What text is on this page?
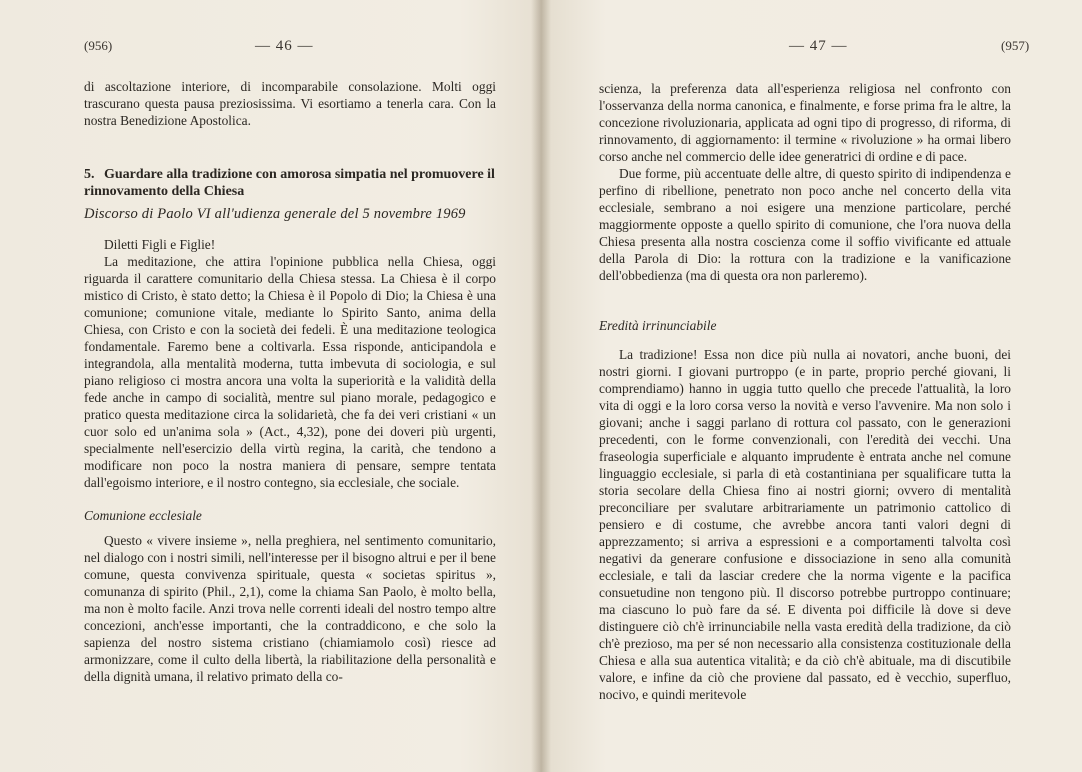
(956)	— 46 —

di ascoltazione interiore, di incomparabile consolazione. Molti oggi trascurano questa pausa preziosissima. Vi esortiamo a tenerla cara. Con la nostra Benedizione Apostolica.

5. Guardare alla tradizione con amorosa simpatia nel promuovere il rinnovamento della Chiesa
Discorso di Paolo VI all'udienza generale del 5 novembre 1969

Diletti Figli e Figlie!

La meditazione, che attira l'opinione pubblica nella Chiesa, oggi riguarda il carattere comunitario della Chiesa stessa. La Chiesa è il corpo mistico di Cristo, è stato detto; la Chiesa è il Popolo di Dio; la Chiesa è una comunione; comunione vitale, mediante lo Spirito Santo, anima della Chiesa, con Cristo e con la società dei fedeli. È una meditazione teologica fondamentale. Faremo bene a coltivarla. Essa risponde, anticipandola e integrandola, alla mentalità moderna, tutta imbevuta di sociologia, e sul piano religioso ci mostra ancora una volta la superiorità e la validità della fede anche in campo di socialità, mentre sul piano morale, pedagogico e pratico questa meditazione circa la solidarietà, che fa dei veri cristiani « un cuor solo ed un'anima sola » (Act., 4,32), pone dei doveri più urgenti, specialmente nell'esercizio della virtù regina, la carità, che tendono a modificare non poco la nostra maniera di pensare, sempre tentata dall'egoismo interiore, e il nostro contegno, sia ecclesiale, che sociale.

Comunione ecclesiale

Questo « vivere insieme », nella preghiera, nel sentimento comunitario, nel dialogo con i nostri simili, nell'interesse per il bisogno altrui e per il bene comune, questa convivenza spirituale, questa « societas spiritus », comunanza di spirito (Phil., 2,1), come la chiama San Paolo, è molto bella, ma non è molto facile. Anzi trova nelle correnti ideali del nostro tempo altre concezioni, anch'esse importanti, che la contraddicono, e che solo la sapienza del nostro sistema cristiano (chiamiamolo così) riesce ad armonizzare, come il culto della libertà, la riabilitazione della personalità e della dignità umana, il relativo primato della co-

— 47 —	(957)

scienza, la preferenza data all'esperienza religiosa nel confronto con l'osservanza della norma canonica, e finalmente, e forse prima fra le altre, la concezione rivoluzionaria, applicata ad ogni tipo di progresso, di riforma, di rinnovamento, di aggiornamento: il termine « rivoluzione » ha ormai libero corso anche nel commercio delle idee generatrici di ordine e di pace.

Due forme, più accentuate delle altre, di questo spirito di indipendenza e perfino di ribellione, penetrato non poco anche nel concerto della vita ecclesiale, sembrano a noi esigere una menzione particolare, perché maggiormente opposte a quello spirito di comunione, che l'ora nuova della Chiesa presenta alla nostra coscienza come il soffio vivificante ed attuale della Parola di Dio: la rottura con la tradizione e la vanificazione dell'obbedienza (ma di questa ora non parleremo).

Eredità irrinunciabile

La tradizione! Essa non dice più nulla ai novatori, anche buoni, dei nostri giorni. I giovani purtroppo (e in parte, proprio perché giovani, li comprendiamo) hanno in uggia tutto quello che precede l'attualità, la loro vita di oggi e la loro corsa verso la novità e verso l'avvenire. Ma non solo i giovani; anche i saggi parlano di rottura col passato, con le generazioni precedenti, con le forme convenzionali, con l'eredità dei vecchi. Una fraseologia superficiale e alquanto imprudente è entrata anche nel comune linguaggio ecclesiale, si parla di età costantiniana per squalificare tutta la storia secolare della Chiesa fino ai nostri giorni; ovvero di mentalità preconciliare per svalutare arbitrariamente un patrimonio cattolico di pensiero e di costume, che avrebbe ancora tanti valori degni di apprezzamento; si arriva a espressioni e a comportamenti talvolta così negativi da generare confusione e dissociazione in seno alla comunità ecclesiale, e tali da lasciar credere che la norma vigente e la pacifica consuetudine non tengono più. Il discorso potrebbe purtroppo continuare; ma ciascuno lo può fare da sé. E diventa poi difficile là dove si deve distinguere ciò ch'è irrinunciabile nella vasta eredità della tradizione, da ciò ch'è prezioso, ma per sé non necessario alla consistenza costituzionale della Chiesa e alla sua autentica vitalità; e da ciò ch'è abituale, ma di discutibile valore, e infine da ciò che proviene dal passato, ed è vecchio, superfluo, nocivo, e quindi meritevole
